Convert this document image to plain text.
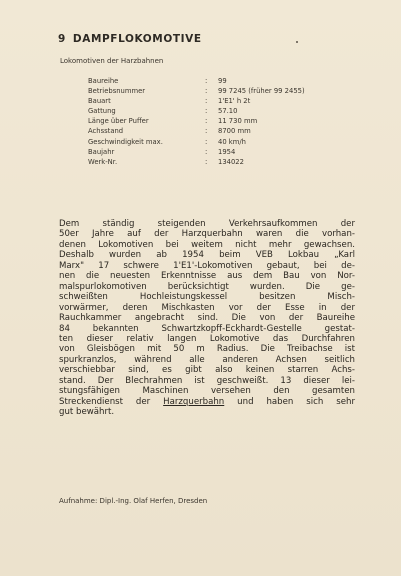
9 DAMPFLOKOMOTIVE
Lokomotiven der Harzbahnen
Baureihe	: 99
Betriebsnummer	: 99 7245 (früher 99 2455)
Bauart	: 1'E1' h 2t
Gattung	: 57.10
Länge über Puffer	: 11 730 mm
Achsstand	: 8700 mm
Geschwindigkeit max.	: 40 km/h
Baujahr	: 1954
Werk-Nr.	: 134022
Dem ständig steigenden Verkehrsaufkommen der
50er Jahre auf der Harzquerbahn waren die vorhan-
denen Lokomotiven bei weitem nicht mehr gewachsen.
Deshalb wurden ab 1954 beim VEB Lokbau „Karl
Marx" 17 schwere 1'E1'-Lokomotiven gebaut, bei de-
nen die neuesten Erkenntnisse aus dem Bau von Nor-
malspurlokomotiven berücksichtigt wurden. Die ge-
schweißten Hochleistungskessel besitzen Misch-
vorwärmer, deren Mischkasten vor der Esse in der
Rauchkammer angebracht sind. Die von der Baureihe
84 bekannten Schwartzkopff-Eckhardt-Gestelle gestat-
ten dieser relativ langen Lokomotive das Durchfahren
von Gleisbögen mit 50 m Radius. Die Treibachse ist
spurkranzlos, während alle anderen Achsen seitlich
verschiebbar sind, es gibt also keinen starren Achs-
stand. Der Blechrahmen ist geschweißt. 13 dieser lei-
stungsfähigen Maschinen versehen den gesamten
Streckendienst der Harzquerbahn und haben sich sehr
gut bewährt.
Aufnahme: Dipl.-Ing. Olaf Herfen, Dresden
